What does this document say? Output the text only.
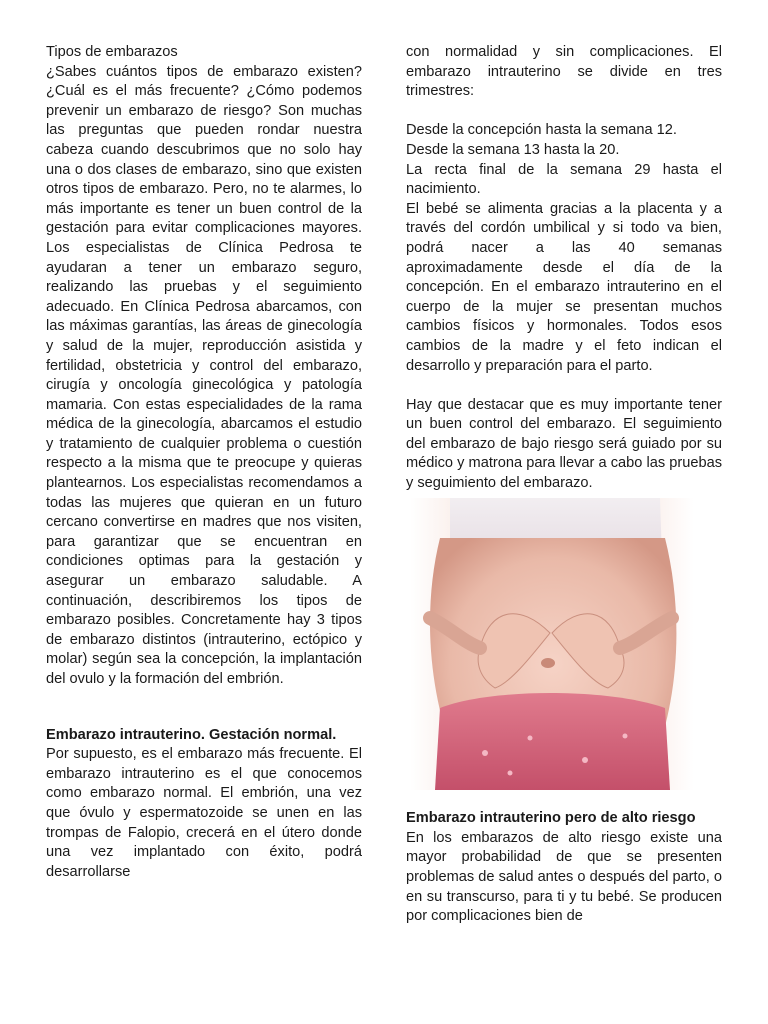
Tipos de embarazos

¿Sabes cuántos tipos de embarazo existen? ¿Cuál es el más frecuente? ¿Cómo podemos prevenir un embarazo de riesgo? Son muchas las preguntas que pueden rondar nuestra cabeza cuando descubrimos que no solo hay una o dos clases de embarazo, sino que existen otros tipos de embarazo. Pero, no te alarmes, lo más importante es tener un buen control de la gestación para evitar complicaciones mayores. Los especialistas de Clínica Pedrosa te ayudaran a tener un embarazo seguro, realizando las pruebas y el seguimiento adecuado. En Clínica Pedrosa abarcamos, con las máximas garantías, las áreas de ginecología y salud de la mujer, reproducción asistida y fertilidad, obstetricia y control del embarazo, cirugía y oncología ginecológica y patología mamaria. Con estas especialidades de la rama médica de la ginecología, abarcamos el estudio y tratamiento de cualquier problema o cuestión respecto a la misma que te preocupe y quieras plantearnos. Los especialistas recomendamos a todas las mujeres que quieran en un futuro cercano convertirse en madres que nos visiten, para garantizar que se encuentran en condiciones optimas para la gestación y asegurar un embarazo saludable. A continuación, describiremos los tipos de embarazo posibles. Concretamente hay 3 tipos de embarazo distintos (intrauterino, ectópico y molar) según sea la concepción, la implantación del ovulo y la formación del embrión.

Embarazo intrauterino. Gestación normal.

Por supuesto, es el embarazo más frecuente. El embarazo intrauterino es el que conocemos como embarazo normal. El embrión, una vez que óvulo y espermatozoide se unen en las trompas de Falopio, crecerá en el útero donde una vez implantado con éxito, podrá desarrollarse

con normalidad y sin complicaciones. El embarazo intrauterino se divide en tres trimestres:

Desde la concepción hasta la semana 12.

Desde la semana 13 hasta la 20.

La recta final de la semana 29 hasta el nacimiento.

El bebé se alimenta gracias a la placenta y a través del cordón umbilical y si todo va bien, podrá nacer a las 40 semanas aproximadamente desde el día de la concepción. En el embarazo intrauterino en el cuerpo de la mujer se presentan muchos cambios físicos y hormonales. Todos esos cambios de la madre y el feto indican el desarrollo y preparación para el parto.

Hay que destacar que es muy importante tener un buen control del embarazo. El seguimiento del embarazo de bajo riesgo será guiado por su médico y matrona para llevar a cabo las pruebas y seguimiento del embarazo.

Embarazo intrauterino pero de alto riesgo

En los embarazos de alto riesgo existe una mayor probabilidad de que se presenten problemas de salud antes o después del parto, o en su transcurso, para ti y tu bebé. Se producen por complicaciones bien de
